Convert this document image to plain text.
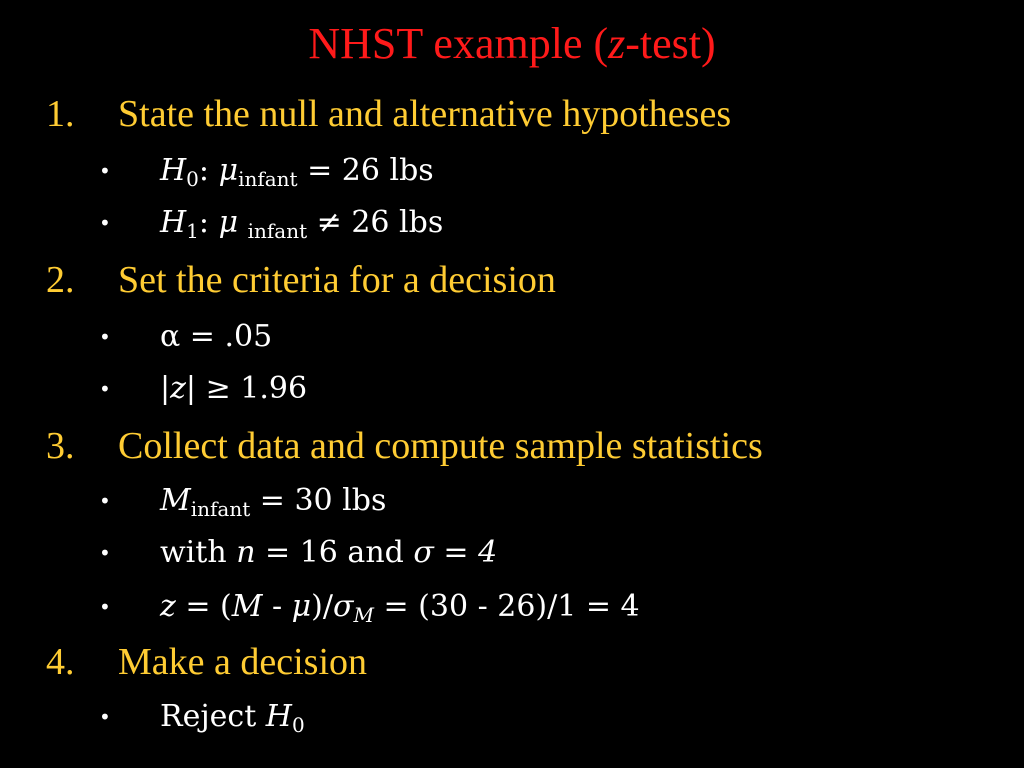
NHST example (z-test)
1. State the null and alternative hypotheses
• $H_0$: $\mu_{infant} = 26$ lbs
• $H_1$: μ $_{infant}$ ≠ 26 lbs
2. Set the criteria for a decision
• α = .05
• |z| ≥ 1.96
3. Collect data and compute sample statistics
• $M_{infant} = 30$ lbs
• with n = 16 and σ = 4
• $z = (M - \mu)/\sigma_M = (30 - 26)/1 = 4$
4. Make a decision
• Reject $H_0$
